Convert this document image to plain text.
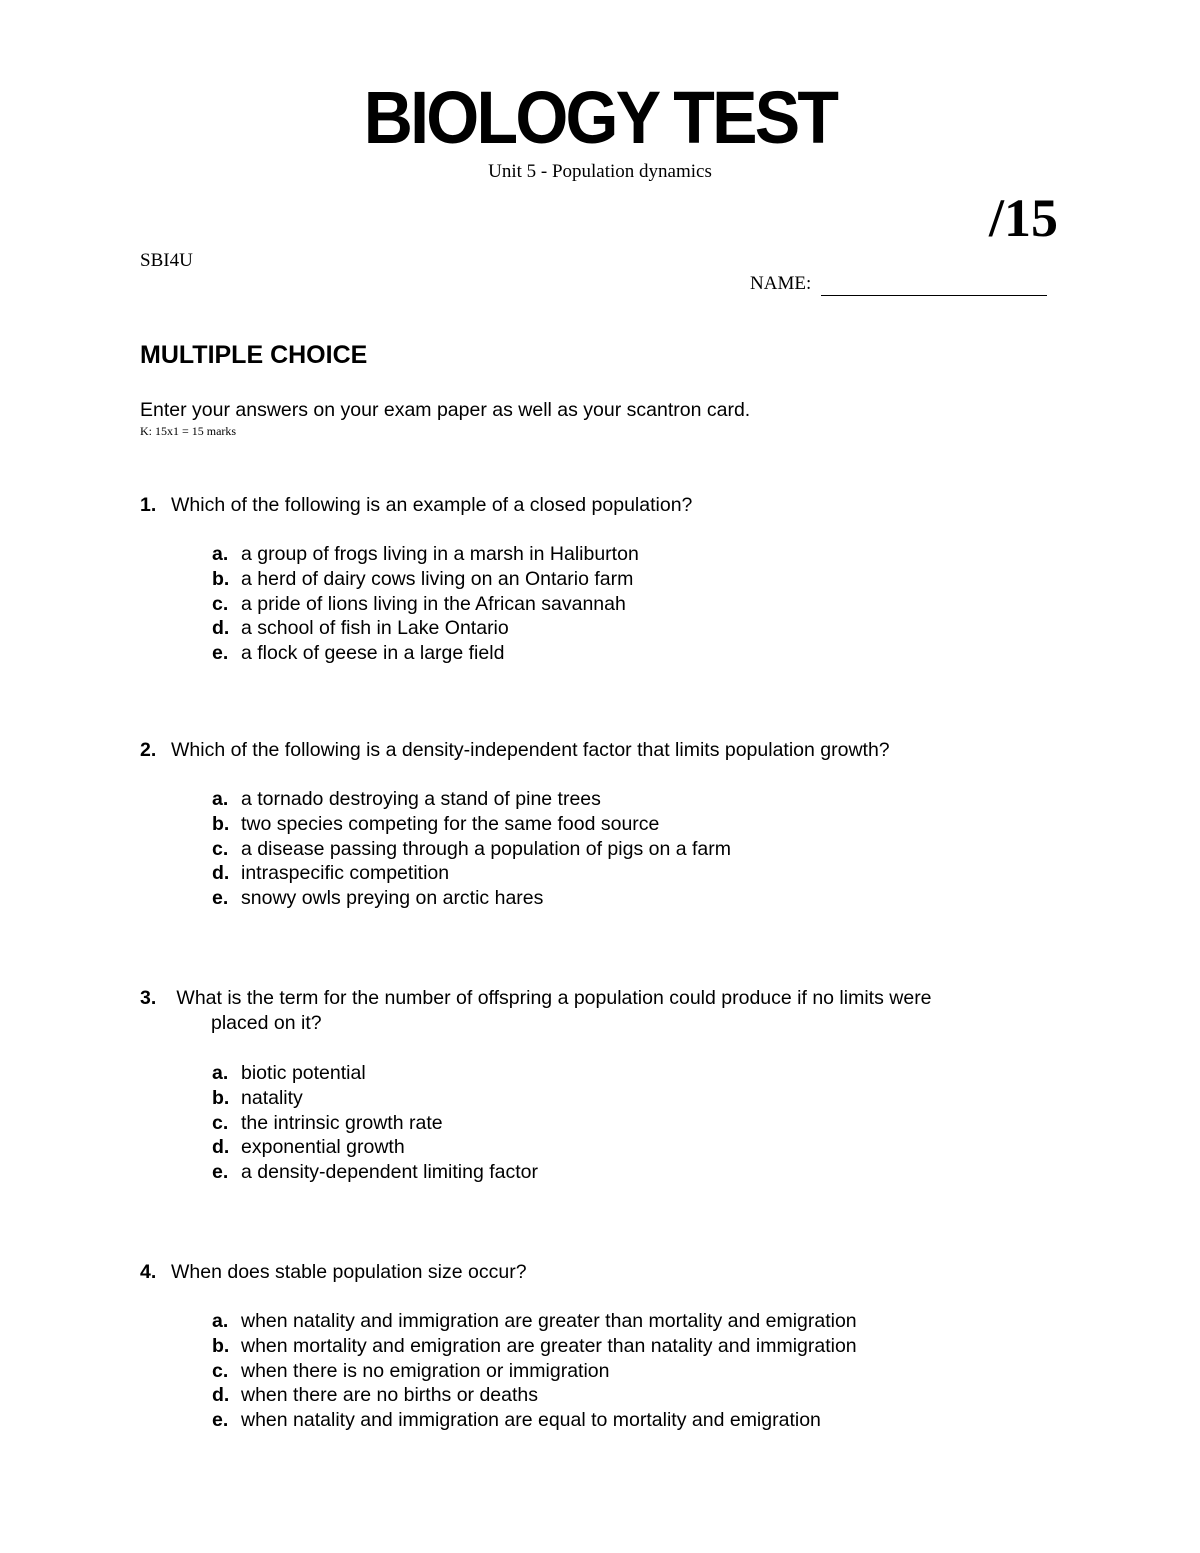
BIOLOGY TEST
Unit 5 - Population dynamics
/15
SBI4U
NAME:
MULTIPLE CHOICE
Enter your answers on your exam paper as well as your scantron card.
K: 15x1 = 15 marks
1. Which of the following is an example of a closed population?
a. a group of frogs living in a marsh in Haliburton
b. a herd of dairy cows living on an Ontario farm
c. a pride of lions living in the African savannah
d. a school of fish in Lake Ontario
e. a flock of geese in a large field
2. Which of the following is a density-independent factor that limits population growth?
a. a tornado destroying a stand of pine trees
b. two species competing for the same food source
c. a disease passing through a population of pigs on a farm
d. intraspecific competition
e. snowy owls preying on arctic hares
3. What is the term for the number of offspring a population could produce if no limits were
placed on it?
a. biotic potential
b. natality
c. the intrinsic growth rate
d. exponential growth
e. a density-dependent limiting factor
4. When does stable population size occur?
a. when natality and immigration are greater than mortality and emigration
b. when mortality and emigration are greater than natality and immigration
c. when there is no emigration or immigration
d. when there are no births or deaths
e. when natality and immigration are equal to mortality and emigration
